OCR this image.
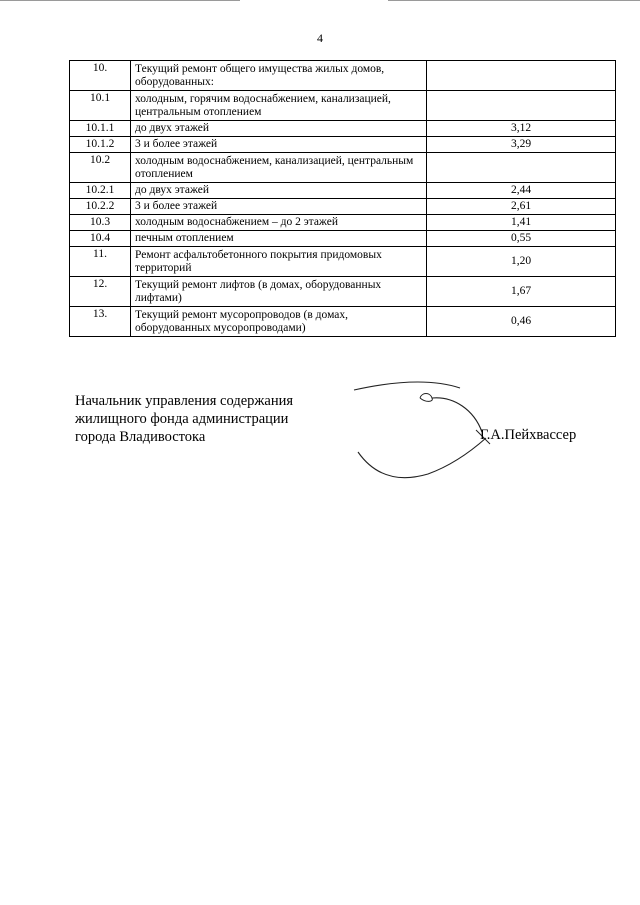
4
10.	Текущий ремонт общего имущества жилых домов, оборудованных:	
10.1	холодным, горячим водоснабжением, канализацией, центральным отоплением	
10.1.1	до двух этажей	3,12
10.1.2	3 и более этажей	3,29
10.2	холодным водоснабжением, канализацией, центральным отоплением	
10.2.1	до двух этажей	2,44
10.2.2	3 и более этажей	2,61
10.3	холодным водоснабжением – до 2 этажей	1,41
10.4	печным отоплением	0,55
11.	Ремонт асфальтобетонного покрытия придомовых территорий	1,20
12.	Текущий ремонт лифтов (в домах, оборудованных лифтами)	1,67
13.	Текущий ремонт мусоропроводов (в домах, оборудованных мусоропроводами)	0,46
Начальник управления содержания
жилищного фонда администрации
города Владивостока	Г.А.Пейхвассер
